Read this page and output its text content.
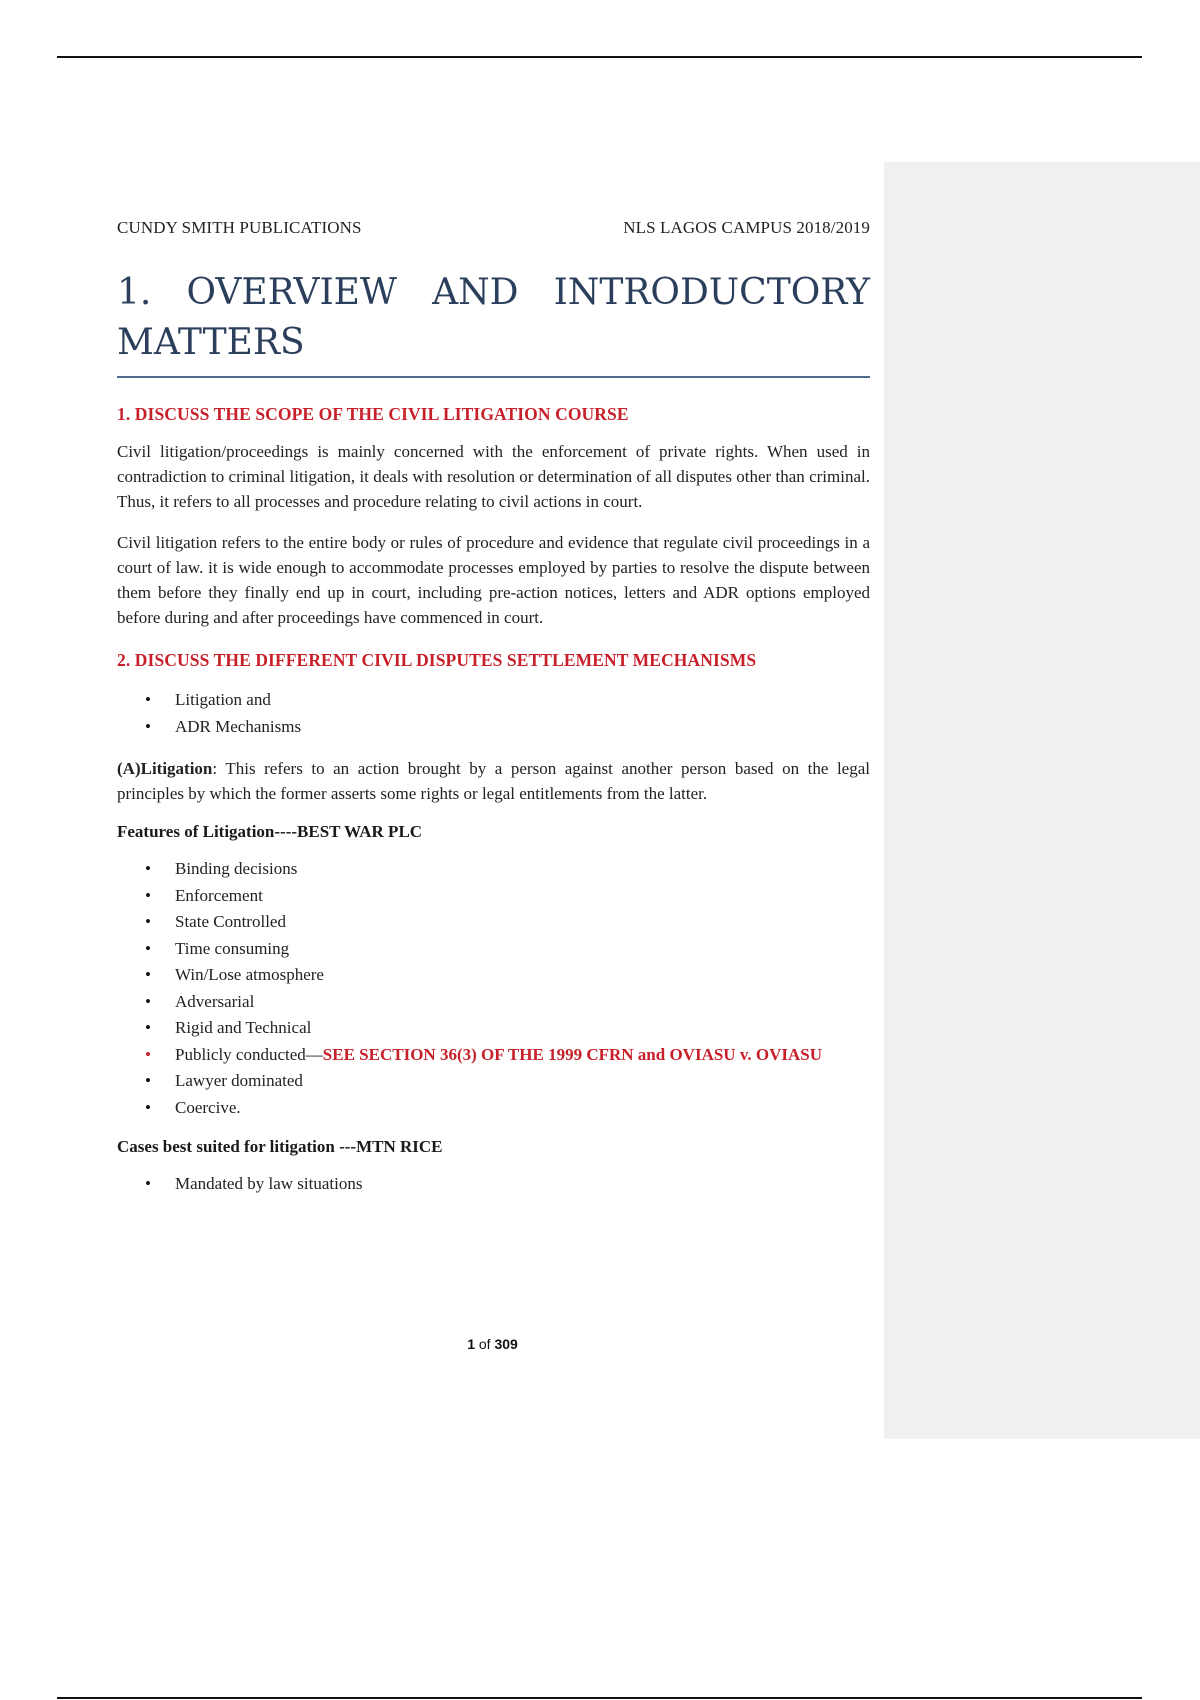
CUNDY SMITH PUBLICATIONS	NLS LAGOS CAMPUS 2018/2019
1. OVERVIEW AND INTRODUCTORY
MATTERS
1. DISCUSS THE SCOPE OF THE CIVIL LITIGATION COURSE

Civil litigation/proceedings is mainly concerned with the enforcement of private rights. When used in contradiction to criminal litigation, it deals with resolution or determination of all disputes other than criminal. Thus, it refers to all processes and procedure relating to civil actions in court.

Civil litigation refers to the entire body or rules of procedure and evidence that regulate civil proceedings in a court of law. it is wide enough to accommodate processes employed by parties to resolve the dispute between them before they finally end up in court, including pre-action notices, letters and ADR options employed before during and after proceedings have commenced in court.

2. DISCUSS THE DIFFERENT CIVIL DISPUTES SETTLEMENT MECHANISMS
• Litigation and
• ADR Mechanisms

(A)Litigation: This refers to an action brought by a person against another person based on the legal principles by which the former asserts some rights or legal entitlements from the latter.

Features of Litigation----BEST WAR PLC
• Binding decisions
• Enforcement
• State Controlled
• Time consuming
• Win/Lose atmosphere
• Adversarial
• Rigid and Technical
• Publicly conducted—SEE SECTION 36(3) OF THE 1999 CFRN and OVIASU v. OVIASU
• Lawyer dominated
• Coercive.
Cases best suited for litigation ---MTN RICE
• Mandated by law situations
1 of 309
